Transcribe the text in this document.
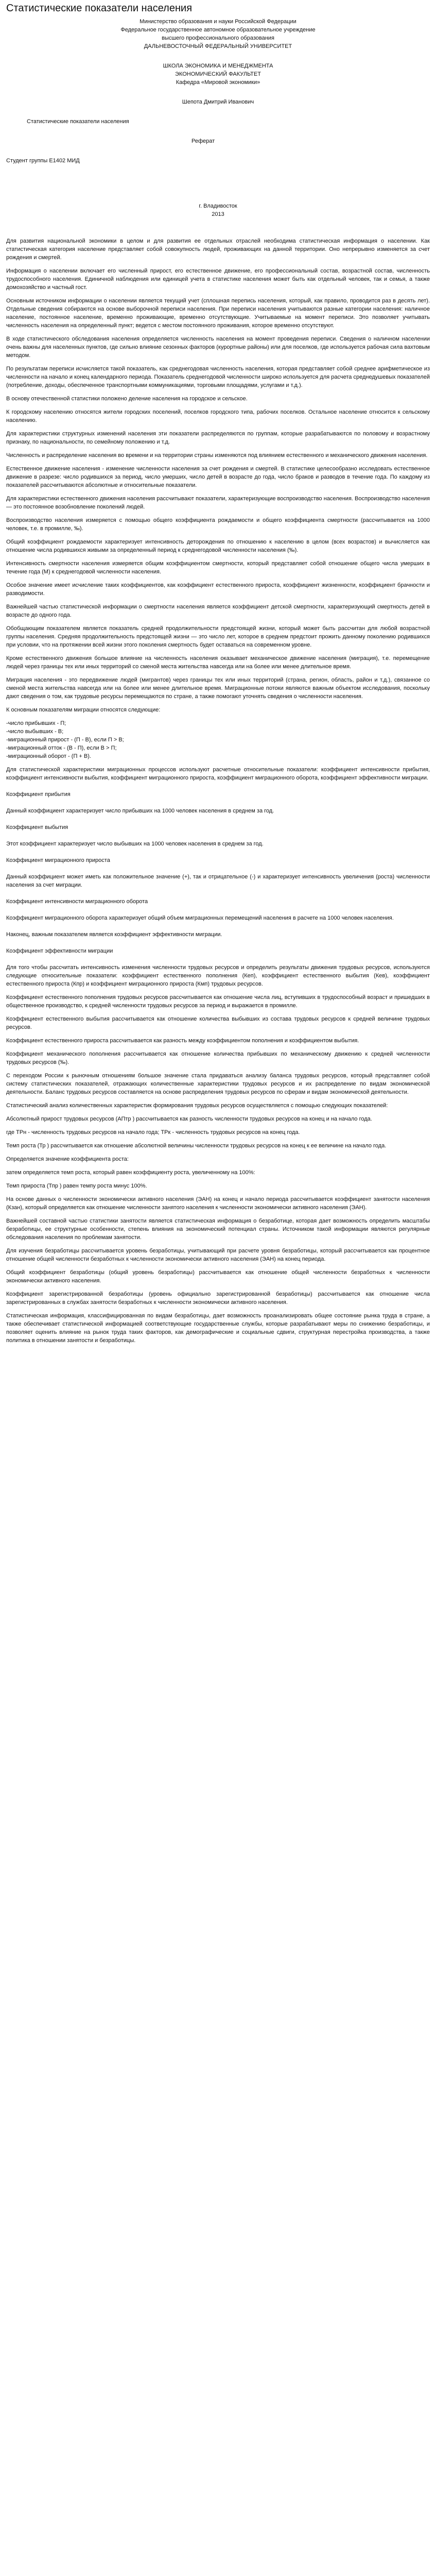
Статистические показатели населения

Министерство образования и науки Российской Федерации

Федеральное государственное автономное образовательное учреждение

высшего профессионального образования

ДАЛЬНЕВОСТОЧНЫЙ ФЕДЕРАЛЬНЫЙ УНИВЕРСИТЕТ

ШКОЛА ЭКОНОМИКА И МЕНЕДЖМЕНТА

ЭКОНОМИЧЕСКИЙ ФАКУЛЬТЕТ

Кафедра «Мировой экономики»

Шепота Дмитрий Иванович

Статистические показатели населения

Реферат

Студент группы Е1402 МИД

г. Владивосток

2013

Для развития национальной экономики в целом и для развития ее отдельных отраслей необходима статистическая информация о населении. Как статистическая категория население представляет собой совокупность людей, проживающих на данной территории. Оно непрерывно изменяется за счет рождения и смертей.

Информация о населении включает его численный прирост, его естественное движение, его профессиональный состав, возрастной состав, численность трудоспособного населения. Единичной наблюдения или единицей учета в статистике населения может быть как отдельный человек, так и семья, а также домохозяйство и частный гост.

Основным источником информации о населении является текущий учет (сплошная перепись населения, который, как правило, проводится раз в десять лет). Отдельные сведения собираются на основе выборочной переписи населения. При переписи населения учитываются разные категории населения: наличное население, постоянное население, временно проживающие, временно отсутствующие. Учитываемые на момент переписи. Это позволяет учитывать численность населения на определенный пункт; ведется с местом постоянного проживания, которое временно отсутствуют.

В ходе статистического обследования населения определяется численность населения на момент проведения переписи. Сведения о наличном населении очень важны для населенных пунктов, где сильно влияние сезонных факторов (курортные районы) или для поселков, где используется рабочая сила вахтовым методом.

По результатам переписи исчисляется такой показатель, как среднегодовая численность населения, которая представляет собой среднее арифметическое из численности на начало и конец календарного периода. Показатель среднегодовой численности широко используется для расчета среднедушевых показателей (потребление, доходы, обеспеченное транспортными коммуникациями, торговыми площадями, услугами и т.д.).

В основу отечественной статистики положено деление населения на городское и сельское.

К городскому населению относятся жители городских поселений, поселков городского типа, рабочих поселков. Остальное население относится к сельскому населению.

Для характеристики структурных изменений населения эти показатели распределяются по группам, которые разрабатываются по половому и возрастному признаку, по национальности, по семейному положению и т.д.

Численность и распределение населения во времени и на территории страны изменяются под влиянием естественного и механического движения населения.

Естественное движение населения - изменение численности населения за счет рождения и смертей. В статистике целесообразно исследовать естественное движение в разрезе: число родившихся за период, число умерших, число детей в возрасте до года, число браков и разводов в течение года. По каждому из показателей рассчитываются абсолютные и относительные показатели.

Для характеристики естественного движения населения рассчитывают показатели, характеризующие воспроизводство населения. Воспроизводство населения — это постоянное возобновление поколений людей.

Воспроизводство населения измеряется с помощью общего коэффициента рождаемости и общего коэффициента смертности (рассчитывается на 1000 человек, т.е. в промилле, ‰).

Общий коэффициент рождаемости характеризует интенсивность деторождения по отношению к населению в целом (всех возрастов) и вычисляется как отношение числа родившихся живыми за определенный период к среднегодовой численности населения (‰).

Интенсивность смертности населения измеряется общим коэффициентом смертности, который представляет собой отношение общего числа умерших в течение года (М) к среднегодовой численности населения.

Особое значение имеет исчисление таких коэффициентов, как коэффициент естественного прироста, коэффициент жизненности, коэффициент брачности и разводимости.

Важнейшей частью статистической информации о смертности населения является коэффициент детской смертности, характеризующий смертность детей в возрасте до одного года.

Обобщающим показателем является показатель средней продолжительности предстоящей жизни, который может быть рассчитан для любой возрастной группы населения. Средняя продолжительность предстоящей жизни — это число лет, которое в среднем предстоит прожить данному поколению родившихся при условии, что на протяжении всей жизни этого поколения смертность будет оставаться на современном уровне.

Кроме естественного движения большое влияние на численность населения оказывает механическое движение населения (миграция), т.е. перемещение людей через границы тех или иных территорий со сменой места жительства навсегда или на более или менее длительное время.

Миграция населения - это передвижение людей (мигрантов) через границы тех или иных территорий (страна, регион, область, район и т.д.), связанное со сменой места жительства навсегда или на более или менее длительное время. Миграционные потоки являются важным объектом исследования, поскольку дают сведения о том, как трудовые ресурсы перемещаются по стране, а также помогают уточнять сведения о численности населения.

К основным показателям миграции относятся следующие:

-число прибывших - П;

-число выбывших - В;

-миграционный прирост - (П - В), если П > В;

-миграционный отток - (В - П), если В > П;

-миграционный оборот - (П + В).

Для статистической характеристики миграционных процессов используют расчетные относительные показатели: коэффициент интенсивности прибытия, коэффициент интенсивности выбытия, коэффициент миграционного прироста, коэффициент миграционного оборота, коэффициент эффективности миграции.

Коэффициент прибытия

Данный коэффициент характеризует число прибывших на 1000 человек населения в среднем за год.

Коэффициент выбытия

Этот коэффициент характеризует число выбывших на 1000 человек населения в среднем за год.

Коэффициент миграционного прироста

Данный коэффициент может иметь как положительное значение (+), так и отрицательное (-) и характеризует интенсивность увеличения (роста) численности населения за счет миграции.

Коэффициент интенсивности миграционного оборота

Коэффициент миграционного оборота характеризует общий объем миграционных перемещений населения в расчете на 1000 человек населения.

Наконец, важным показателем является коэффициент эффективности миграции.

Коэффициент эффективности миграции

Для того чтобы рассчитать интенсивность изменения численности трудовых ресурсов и определить результаты движения трудовых ресурсов, используются следующие относительные показатели: коэффициент естественного пополнения (Кеп), коэффициент естественного выбытия (Кев), коэффициент естественного прироста (Кпр) и коэффициент миграционного прироста (Кмп) трудовых ресурсов.

Коэффициент естественного пополнения трудовых ресурсов рассчитывается как отношение числа лиц, вступивших в трудоспособный возраст и пришедших в общественное производство, к средней численности трудовых ресурсов за период и выражается в промилле.

Коэффициент естественного выбытия рассчитывается как отношение количества выбывших из состава трудовых ресурсов к средней величине трудовых ресурсов.

Коэффициент естественного прироста рассчитывается как разность между коэффициентом пополнения и коэффициентом выбытия.

Коэффициент механического пополнения рассчитывается как отношение количества прибывших по механическому движению к средней численности трудовых ресурсов (‰).

С переходом России к рыночным отношениям большое значение стала придаваться анализу баланса трудовых ресурсов, который представляет собой систему статистических показателей, отражающих количественные характеристики трудовых ресурсов и их распределение по видам экономической деятельности. Баланс трудовых ресурсов составляется на основе распределения трудовых ресурсов по сферам и видам экономической деятельности.

Статистический анализ количественных характеристик формирования трудовых ресурсов осуществляется с помощью следующих показателей:

Абсолютный прирост трудовых ресурсов (АПтр ) рассчитывается как разность численности трудовых ресурсов на конец и на начало года.

где ТРн - численность трудовых ресурсов на начало года; ТРк - численность трудовых ресурсов на конец года.

Темп роста (Тр ) рассчитывается как отношение абсолютной величины численности трудовых ресурсов на конец к ее величине на начало года.

Определяется значение коэффициента роста:

затем определяется темп роста, который равен коэффициенту роста, увеличенному на 100%:

Темп прироста (Тпр ) равен темпу роста минус 100%.

На основе данных о численности экономически активного населения (ЭАН) на конец и начало периода рассчитывается коэффициент занятости населения (Кзан), который определяется как отношение численности занятого населения к численности экономически активного населения (ЭАН).

Важнейшей составной частью статистики занятости является статистическая информация о безработице, которая дает возможность определить масштабы безработицы, ее структурные особенности, степень влияния на экономический потенциал страны. Источником такой информации являются регулярные обследования населения по проблемам занятости.

Для изучения безработицы рассчитывается уровень безработицы, учитывающий при расчете уровня безработицы, который рассчитывается как процентное отношение общей численности безработных к численности экономически активного населения (ЭАН) на конец периода.

Общий коэффициент безработицы (общий уровень безработицы) рассчитывается как отношение общей численности безработных к численности экономически активного населения.

Коэффициент зарегистрированной безработицы (уровень официально зарегистрированной безработицы) рассчитывается как отношение числа зарегистрированных в службах занятости безработных к численности экономически активного населения.

Статистическая информация, классифицированная по видам безработицы, дает возможность проанализировать общее состояние рынка труда в стране, а также обеспечивает статистической информацией соответствующие государственные службы, которые разрабатывают меры по снижению безработицы, и позволяет оценить влияние на рынок труда таких факторов, как демографические и социальные сдвиги, структурная перестройка производства, а также политика в отношении занятости и безработицы.
